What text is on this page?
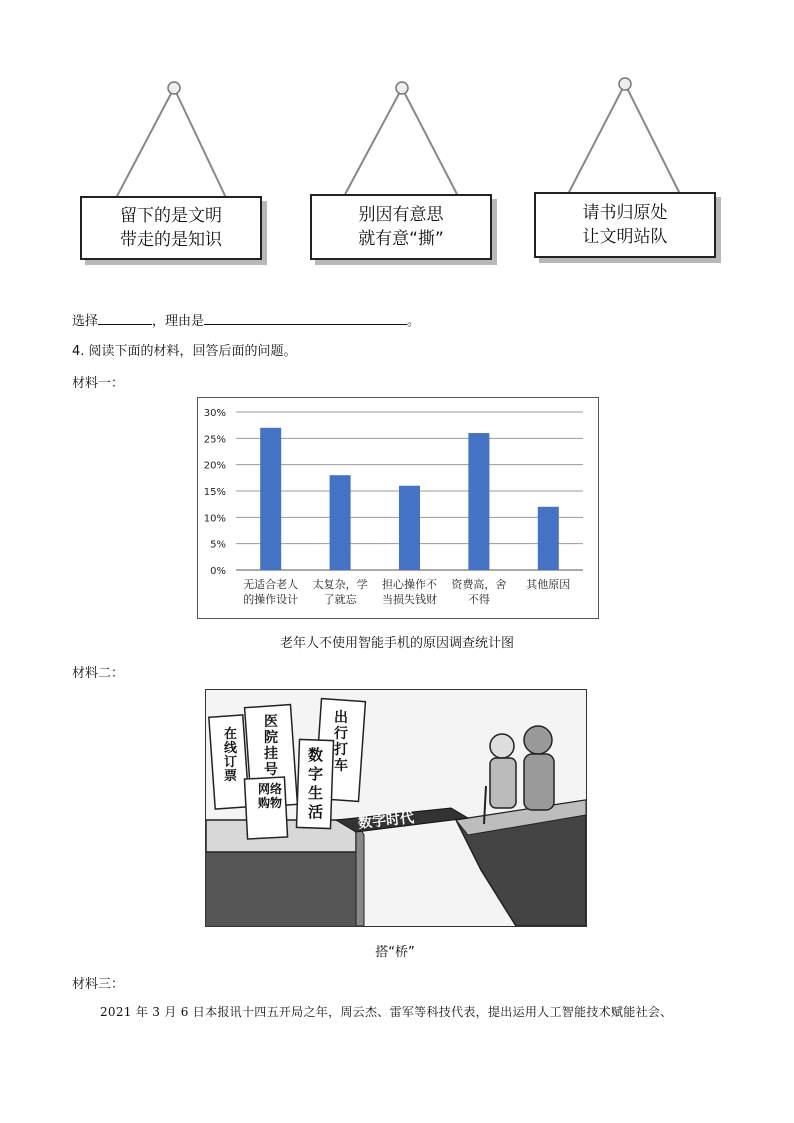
留下的是文明
带走的是知识
别因有意思
就有意“撕”
请书归原处
让文明站队
选择	，理由是	。
4. 阅读下面的材料，回答后面的问题。
材料一：
0%
5%
10%
15%
20%
25%
30%
无适合老人
的操作设计
太复杂，学
了就忘
担心操作不
当损失钱财
资费高，舍
不得
其他原因
老年人不使用智能手机的原因调查统计图
材料二：
在线订票
医院挂号
出行打车
数字生活
网络购物
数字时代
搭“桥”
材料三：
2021 年 3 月 6 日本报讯十四五开局之年，周云杰、雷军等科技代表，提出运用人工智能技术赋能社会、
